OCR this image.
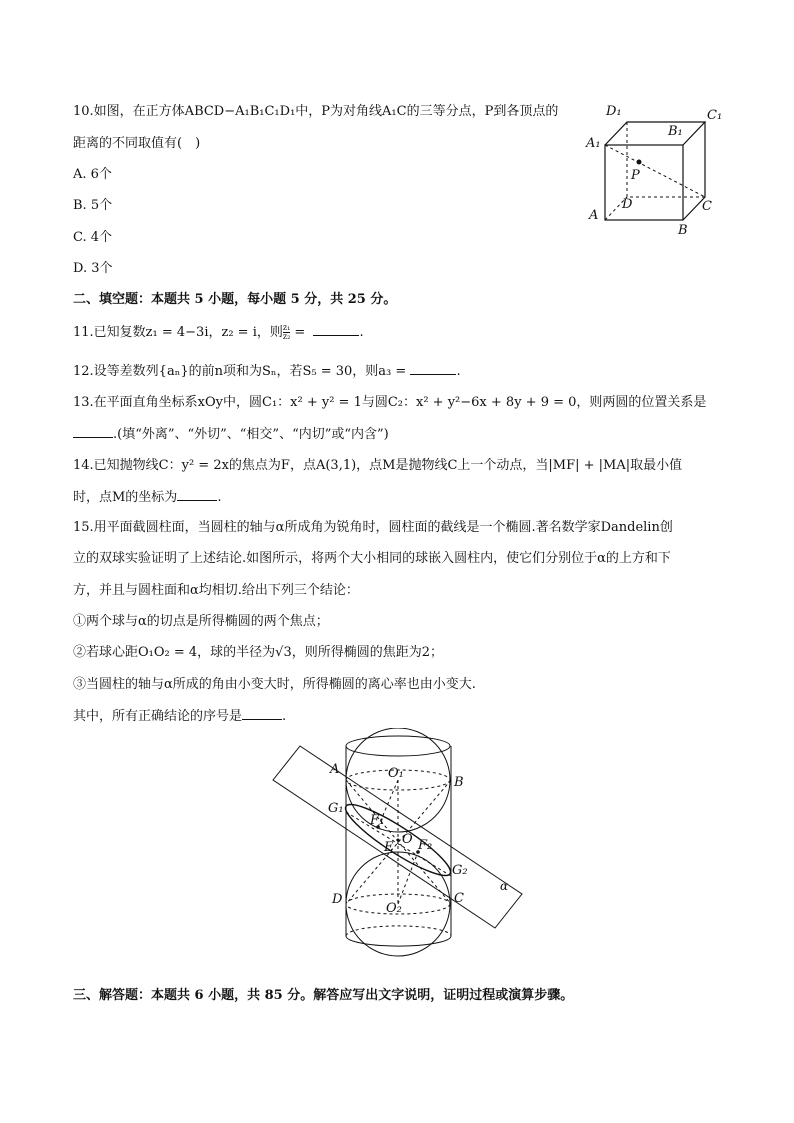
10.如图，在正方体ABCD−A₁B₁C₁D₁中，P为对角线A₁C的三等分点，P到各顶点的
距离的不同取值有(　)
A. 6个
B. 5个
C. 4个
D. 3个
D₁	C₁
A₁
B₁
P
D	C
A
B
二、填空题：本题共 5 小题，每小题 5 分，共 25 分。
11.已知复数z₁ = 4−3i，z₂ = i，则 $\frac{\text{z₁}}{\text{z₂}}$ =	.
12.设等差数列{aₙ}的前n项和为Sₙ，若S₅ = 30，则a₃ =	.
13.在平面直角坐标系xOy中，圆C₁：x² + y² = 1与圆C₂：x² + y²−6x + 8y + 9 = 0，则两圆的位置关系是
.(填“外离”、“外切”、“相交”、“内切”或“内含”)
14.已知抛物线C：y² = 2x的焦点为F，点A(3,1)，点M是抛物线C上一个动点，当|MF| + |MA|取最小值
时，点M的坐标为	.
15.用平面截圆柱面，当圆柱的轴与α所成角为锐角时，圆柱面的截线是一个椭圆.著名数学家Dandelin创
立的双球实验证明了上述结论.如图所示，将两个大小相同的球嵌入圆柱内，使它们分别位于α的上方和下
方，并且与圆柱面和α均相切.给出下列三个结论：
①两个球与α的切点是所得椭圆的两个焦点；
②若球心距O₁O₂ = 4，球的半径为√3，则所得椭圆的焦距为2；
③当圆柱的轴与α所成的角由小变大时，所得椭圆的离心率也由小变大.
其中，所有正确结论的序号是	.
A	O₁
B
G₁
F₁
O
E F₂
G₂
α
D
O₂
C
三、解答题：本题共 6 小题，共 85 分。解答应写出文字说明，证明过程或演算步骤。
